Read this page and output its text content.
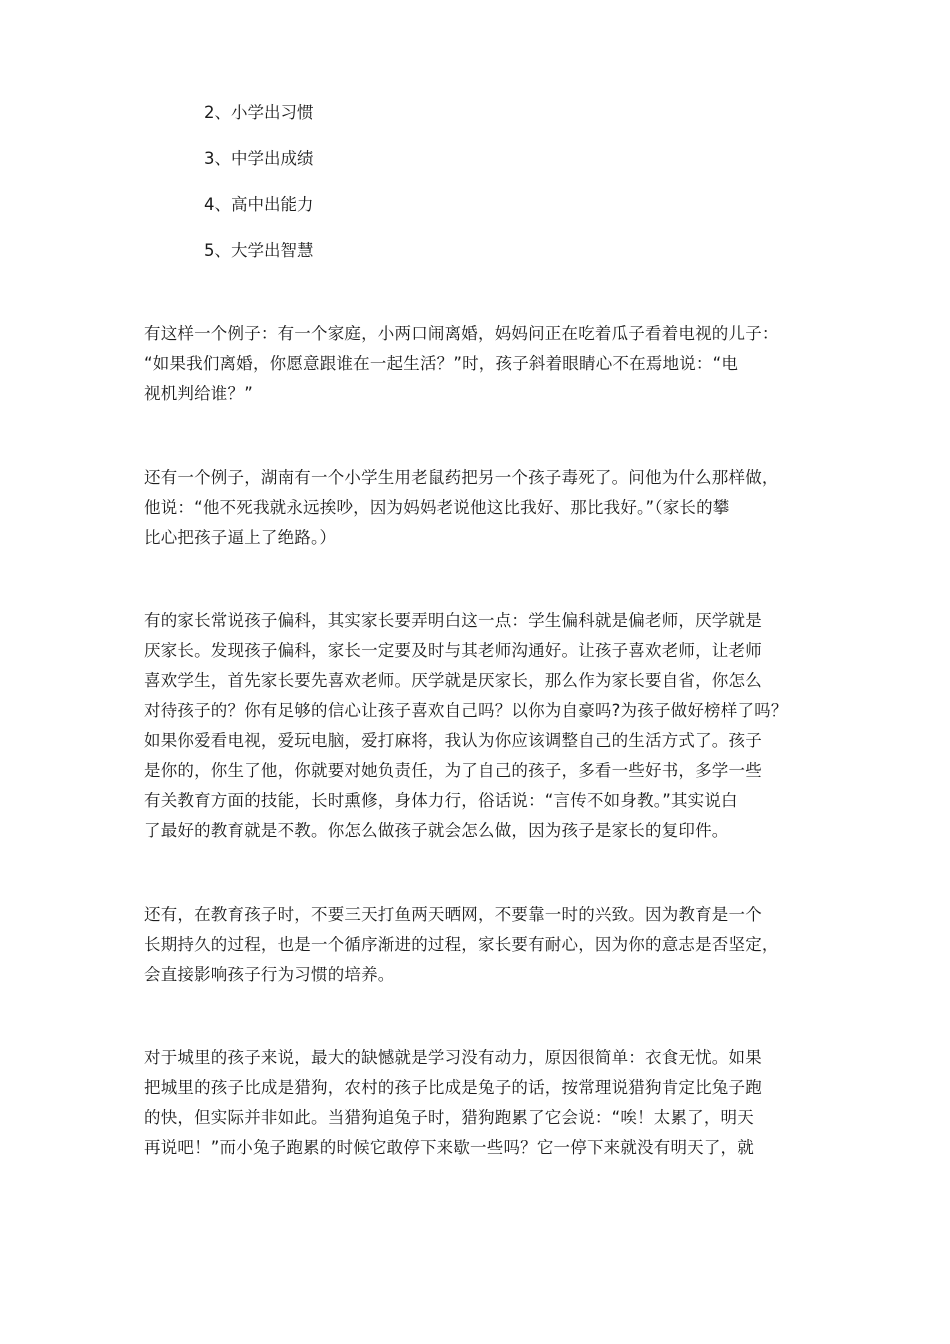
2、小学出习惯
3、中学出成绩
4、高中出能力
5、大学出智慧

有这样一个例子：有一个家庭，小两口闹离婚，妈妈问正在吃着瓜子看着电视的儿子：
“如果我们离婚，你愿意跟谁在一起生活？”时，孩子斜着眼睛心不在焉地说：“电
视机判给谁？”

还有一个例子，湖南有一个小学生用老鼠药把另一个孩子毒死了。问他为什么那样做，
他说：“他不死我就永远挨吵，因为妈妈老说他这比我好、那比我好。”（家长的攀
比心把孩子逼上了绝路。）

有的家长常说孩子偏科，其实家长要弄明白这一点：学生偏科就是偏老师，厌学就是
厌家长。发现孩子偏科，家长一定要及时与其老师沟通好。让孩子喜欢老师，让老师
喜欢学生，首先家长要先喜欢老师。厌学就是厌家长，那么作为家长要自省，你怎么
对待孩子的？你有足够的信心让孩子喜欢自己吗？以你为自豪吗?为孩子做好榜样了吗？
如果你爱看电视，爱玩电脑，爱打麻将，我认为你应该调整自己的生活方式了。孩子
是你的，你生了他，你就要对她负责任，为了自己的孩子，多看一些好书，多学一些
有关教育方面的技能，长时熏修，身体力行，俗话说：“言传不如身教。”其实说白
了最好的教育就是不教。你怎么做孩子就会怎么做，因为孩子是家长的复印件。

还有，在教育孩子时，不要三天打鱼两天晒网，不要靠一时的兴致。因为教育是一个
长期持久的过程，也是一个循序渐进的过程，家长要有耐心，因为你的意志是否坚定，
会直接影响孩子行为习惯的培养。

对于城里的孩子来说，最大的缺憾就是学习没有动力，原因很简单：衣食无忧。如果
把城里的孩子比成是猎狗，农村的孩子比成是兔子的话，按常理说猎狗肯定比兔子跑
的快，但实际并非如此。当猎狗追兔子时，猎狗跑累了它会说：“唉！太累了，明天
再说吧！”而小兔子跑累的时候它敢停下来歇一些吗？它一停下来就没有明天了，就
